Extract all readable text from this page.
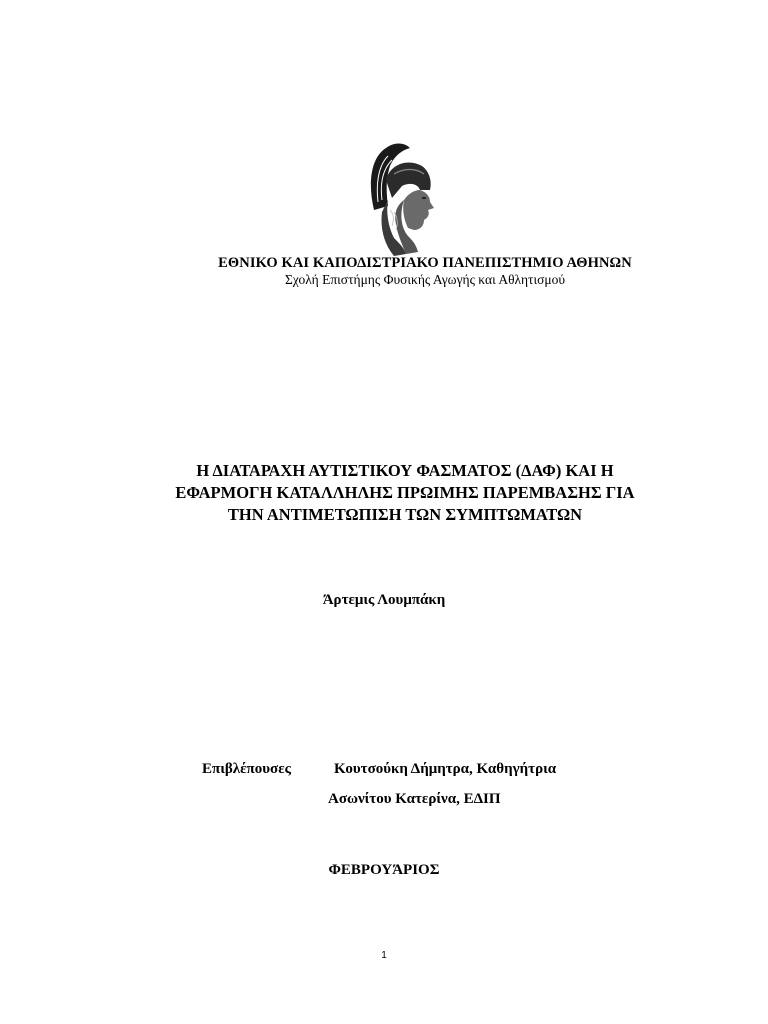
ΕΘΝΙΚΟ ΚΑΙ ΚΑΠΟΔΙΣΤΡΙΑΚΟ ΠΑΝΕΠΙΣΤΗΜΙΟ ΑΘΗΝΩΝ
Σχολή Επιστήμης Φυσικής Αγωγής και Αθλητισμού
Η ΔΙΑΤΑΡΑΧΗ ΑΥΤΙΣΤΙΚΟΥ ΦΑΣΜΑΤΟΣ (ΔΑΦ) ΚΑΙ Η
ΕΦΑΡΜΟΓΗ ΚΑΤΑΛΛΗΛΗΣ ΠΡΩΙΜΗΣ ΠΑΡΕΜΒΑΣΗΣ ΓΙΑ
ΤΗΝ ΑΝΤΙΜΕΤΩΠΙΣΗ ΤΩΝ ΣΥΜΠΤΩΜΑΤΩΝ
Άρτεμις Λουμπάκη
Επιβλέπουσες	Κουτσούκη Δήμητρα, Καθηγήτρια
Ασωνίτου Κατερίνα, ΕΔΙΠ
ΦΕΒΡΟΥΆΡΙΟΣ
1
